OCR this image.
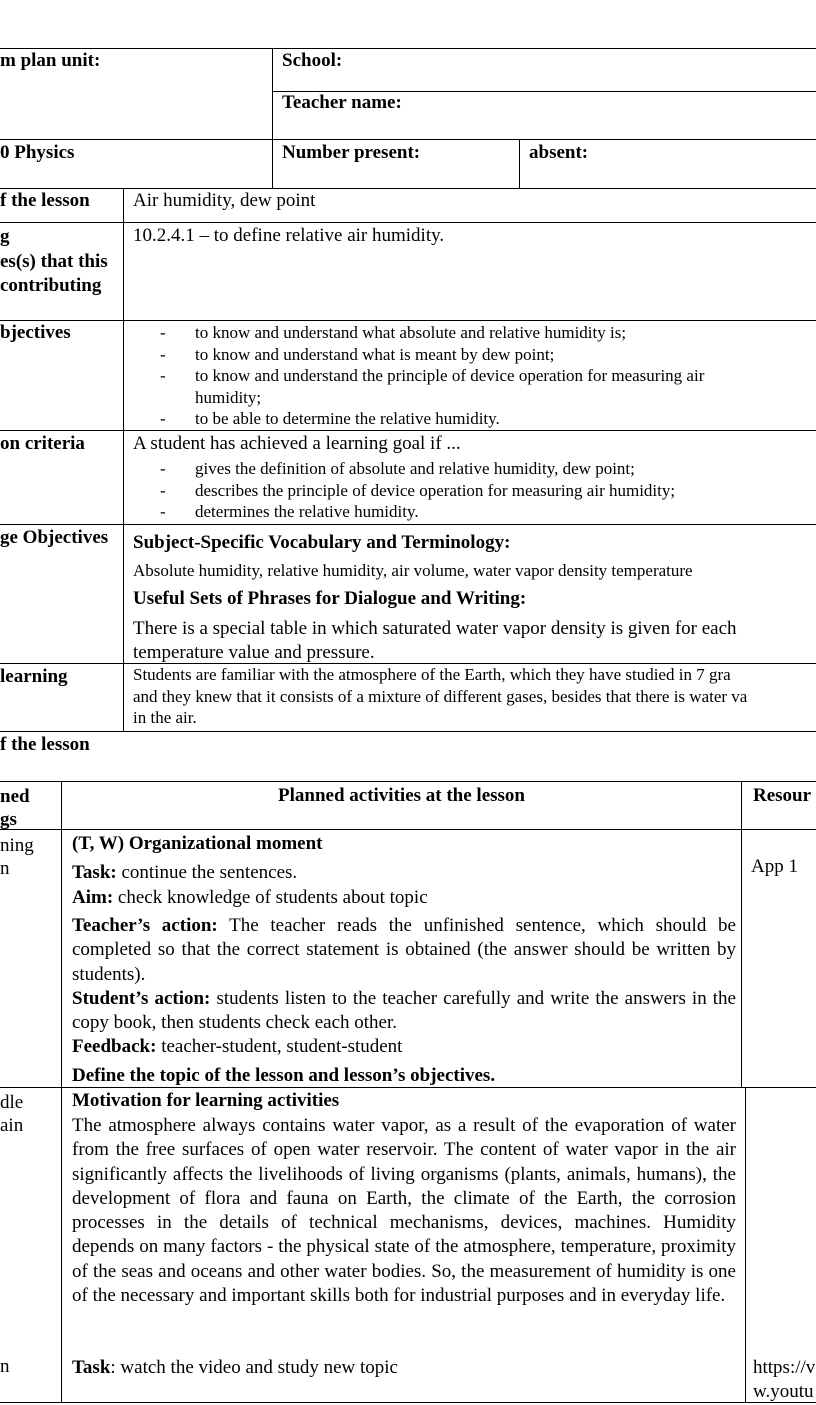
m plan unit:	School:
Teacher name:
0 Physics	Number present:	absent:
f the lesson Air humidity, dew point
g
es(s) that this
contributing
10.2.4.1 – to define relative air humidity.
bjectives
-	to know and understand what absolute and relative humidity is;
- to know and understand what is meant by dew point;
- to know and understand the principle of device operation for measuring air
humidity;
- to be able to determine the relative humidity.
on criteria	A student has achieved a learning goal if ...
- gives the definition of absolute and relative humidity, dew point;
- describes the principle of device operation for measuring air humidity;
- determines the relative humidity.
ge Objectives Subject-Specific Vocabulary and Terminology:
Absolute humidity, relative humidity, air volume, water vapor density temperature
Useful Sets of Phrases for Dialogue and Writing:
There is a special table in which saturated water vapor density is given for each
temperature value and pressure.
learning	Students are familiar with the atmosphere of the Earth, which they have studied in 7 gra
and they knew that it consists of a mixture of different gases, besides that there is water va
in the air.
f the lesson
ned
gs
Planned activities at the lesson	Resour
ning
n
(T, W) Organizational moment
Task: continue the sentences.
Aim: check knowledge of students about topic
Teacher’s action: The teacher reads the unfinished sentence, which should be completed so that the correct statement is obtained (the answer should be written by students).
Student’s action: students listen to the teacher carefully and write the answers in the copy book, then students check each other.
Feedback: teacher-student, student-student
Define the topic of the lesson and lesson’s objectives.
App 1
dle
ain
Motivation for learning activities
The atmosphere always contains water vapor, as a result of the evaporation of water from the free surfaces of open water reservoir. The content of water vapor in the air significantly affects the livelihoods of living organisms (plants, animals, humans), the development of flora and fauna on Earth, the climate of the Earth, the corrosion processes in the details of technical mechanisms, devices, machines. Humidity depends on many factors - the physical state of the atmosphere, temperature, proximity of the seas and oceans and other water bodies. So, the measurement of humidity is one of the necessary and important skills both for industrial purposes and in everyday life.
n	Task: watch the video and study new topic	https://v
w.youtu
